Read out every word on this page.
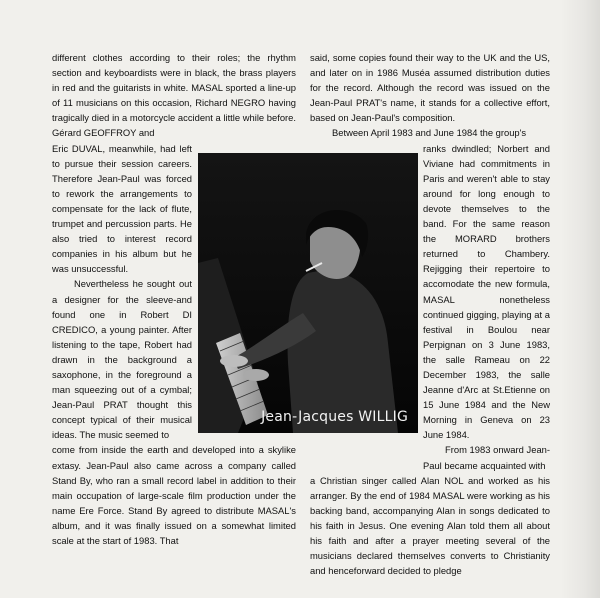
different clothes according to their roles; the rhythm section and keyboardists were in black, the brass players in red and the guitarists in white. MASAL sported a line-up of 11 musicians on this occasion, Richard NEGRO having tragically died in a motorcycle accident a little while before. Gérard GEOFFROY and

Eric DUVAL, meanwhile, had left to pursue their session careers. Therefore Jean-Paul was forced to rework the arrangements to compensate for the lack of flute, trumpet and percussion parts. He also tried to interest record companies in his album but he was unsuccessful.

Nevertheless he sought out a designer for the sleeve-and found one in Robert DI CREDICO, a young painter. After listening to the tape, Robert had drawn in the background a saxophone, in the foreground a man squeezing out of a cymbal; Jean-Paul PRAT thought this concept typical of their musical ideas. The music seemed to

come from inside the earth and developed into a skylike extasy. Jean-Paul also came across a company called Stand By, who ran a small record label in addition to their main occupation of large-scale film production under the name Ere Force. Stand By agreed to distribute MASAL's album, and it was finally issued on a somewhat limited scale at the start of 1983. That

said, some copies found their way to the UK and the US, and later on in 1986 Muséa assumed distribution duties for the record. Although the record was issued on the Jean-Paul PRAT's name, it stands for a collective effort, based on Jean-Paul's composition.

Between April 1983 and June 1984 the group's

ranks dwindled; Norbert and Viviane had commitments in Paris and weren't able to stay around for long enough to devote themselves to the band. For the same reason the MORARD brothers returned to Chambery. Rejigging their repertoire to accomodate the new formula, MASAL nonetheless continued gigging, playing at a festival in Boulou near Perpignan on 3 June 1983, the salle Rameau on 22 December 1983, the salle Jeanne d'Arc at St.Etienne on 15 June 1984 and the New Morning in Geneva on 23 June 1984.

From 1983 onward Jean-Paul became acquainted with

a Christian singer called Alan NOL and worked as his arranger. By the end of 1984 MASAL were working as his backing band, accompanying Alan in songs dedicated to his faith in Jesus. One evening Alan told them all about his faith and after a prayer meeting several of the musicians declared themselves converts to Christianity and henceforward decided to pledge

Jean-Jacques WILLIG
